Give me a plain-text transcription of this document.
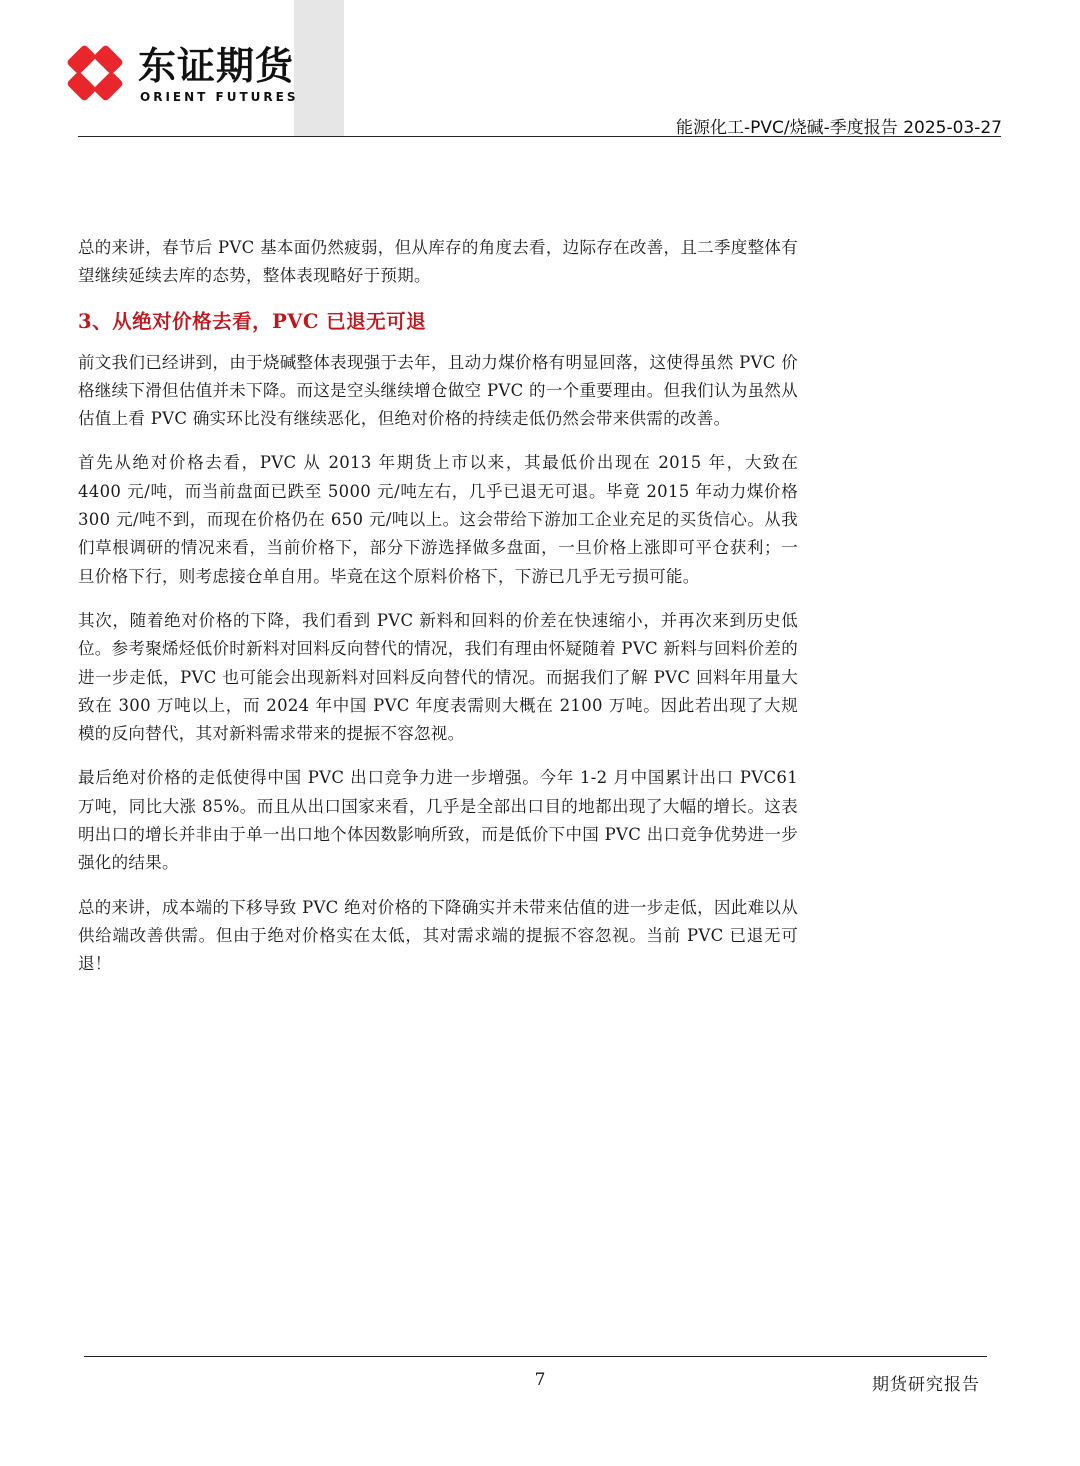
东证期货
ORIENT FUTURES
能源化工-PVC/烧碱-季度报告 2025-03-27

总的来讲，春节后 PVC 基本面仍然疲弱，但从库存的角度去看，边际存在改善，且二季度整体有望继续延续去库的态势，整体表现略好于预期。

3、从绝对价格去看，PVC 已退无可退

前文我们已经讲到，由于烧碱整体表现强于去年，且动力煤价格有明显回落，这使得虽然 PVC 价格继续下滑但估值并未下降。而这是空头继续增仓做空 PVC 的一个重要理由。但我们认为虽然从估值上看 PVC 确实环比没有继续恶化，但绝对价格的持续走低仍然会带来供需的改善。

首先从绝对价格去看，PVC 从 2013 年期货上市以来，其最低价出现在 2015 年，大致在 4400 元/吨，而当前盘面已跌至 5000 元/吨左右，几乎已退无可退。毕竟 2015 年动力煤价格 300 元/吨不到，而现在价格仍在 650 元/吨以上。这会带给下游加工企业充足的买货信心。从我们草根调研的情况来看，当前价格下，部分下游选择做多盘面，一旦价格上涨即可平仓获利；一旦价格下行，则考虑接仓单自用。毕竟在这个原料价格下，下游已几乎无亏损可能。

其次，随着绝对价格的下降，我们看到 PVC 新料和回料的价差在快速缩小，并再次来到历史低位。参考聚烯烃低价时新料对回料反向替代的情况，我们有理由怀疑随着 PVC 新料与回料价差的进一步走低，PVC 也可能会出现新料对回料反向替代的情况。而据我们了解 PVC 回料年用量大致在 300 万吨以上，而 2024 年中国 PVC 年度表需则大概在 2100 万吨。因此若出现了大规模的反向替代，其对新料需求带来的提振不容忽视。

最后绝对价格的走低使得中国 PVC 出口竞争力进一步增强。今年 1-2 月中国累计出口 PVC61 万吨，同比大涨 85%。而且从出口国家来看，几乎是全部出口目的地都出现了大幅的增长。这表明出口的增长并非由于单一出口地个体因数影响所致，而是低价下中国 PVC 出口竞争优势进一步强化的结果。

总的来讲，成本端的下移导致 PVC 绝对价格的下降确实并未带来估值的进一步走低，因此难以从供给端改善供需。但由于绝对价格实在太低，其对需求端的提振不容忽视。当前 PVC 已退无可退！

7	期货研究报告
